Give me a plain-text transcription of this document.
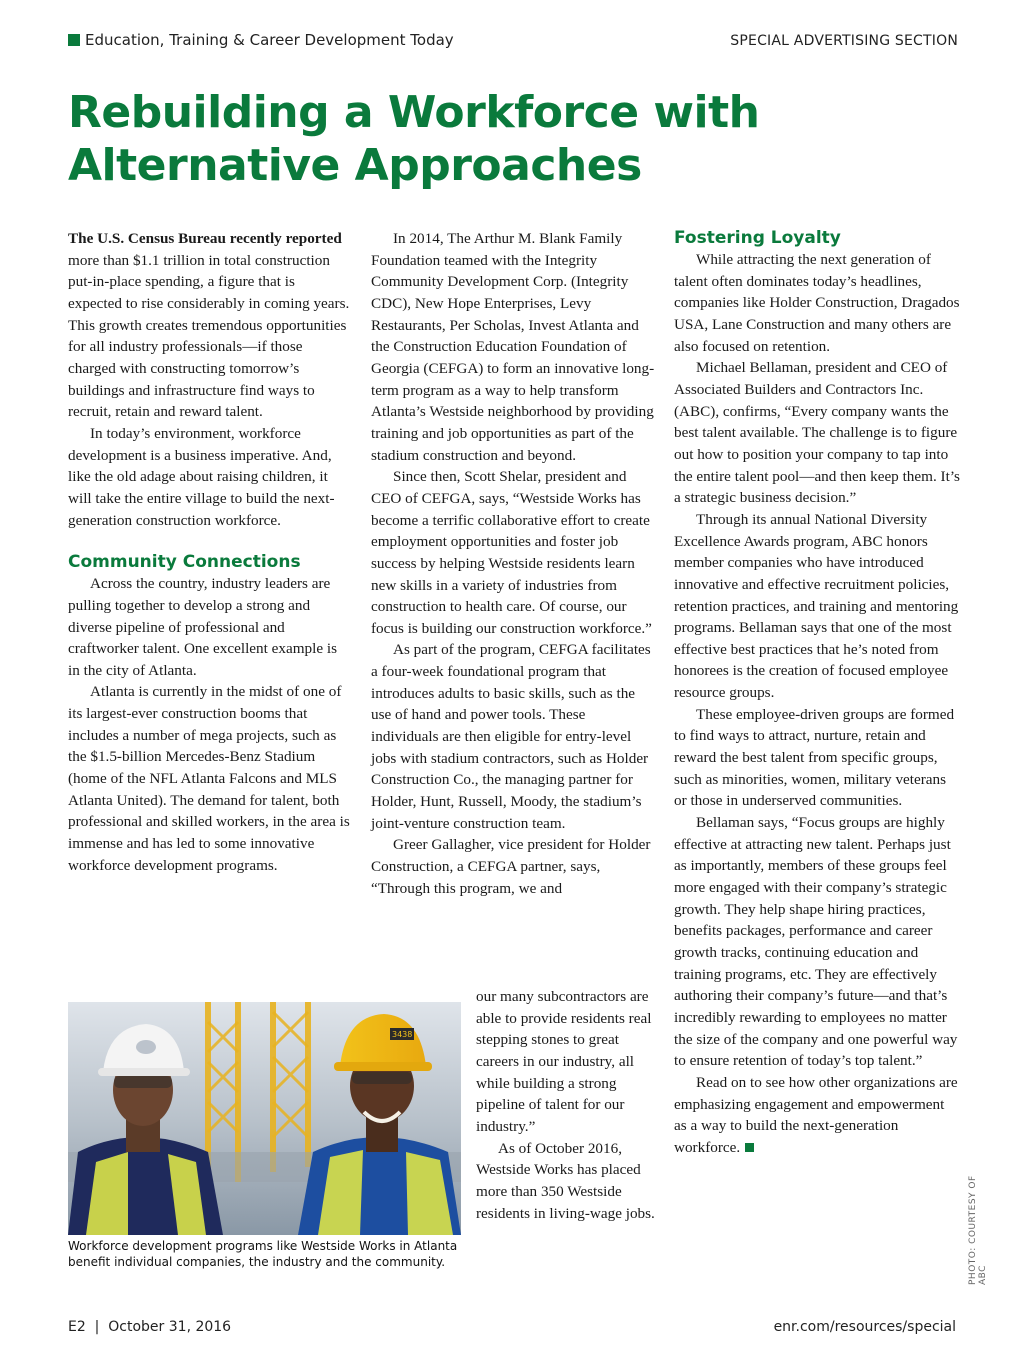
Education, Training & Career Development Today	SPECIAL ADVERTISING SECTION
Rebuilding a Workforce with Alternative Approaches

The U.S. Census Bureau recently reported more than $1.1 trillion in total construction put-in-place spending, a figure that is expected to rise considerably in coming years. This growth creates tremendous opportunities for all industry professionals—if those charged with constructing tomorrow’s buildings and infrastructure find ways to recruit, retain and reward talent.

In today’s environment, workforce development is a business imperative. And, like the old adage about raising children, it will take the entire village to build the next-generation construction workforce.

Community Connections

Across the country, industry leaders are pulling together to develop a strong and diverse pipeline of professional and craftworker talent. One excellent example is in the city of Atlanta.

Atlanta is currently in the midst of one of its largest-ever construction booms that includes a number of mega projects, such as the $1.5-billion Mercedes-Benz Stadium (home of the NFL Atlanta Falcons and MLS Atlanta United). The demand for talent, both professional and skilled workers, in the area is immense and has led to some innovative workforce development programs.

In 2014, The Arthur M. Blank Family Foundation teamed with the Integrity Community Development Corp. (Integrity CDC), New Hope Enterprises, Levy Restaurants, Per Scholas, Invest Atlanta and the Construction Education Foundation of Georgia (CEFGA) to form an innovative long-term program as a way to help transform Atlanta’s Westside neighborhood by providing training and job opportunities as part of the stadium construction and beyond.

Since then, Scott Shelar, president and CEO of CEFGA, says, “Westside Works has become a terrific collaborative effort to create employment opportunities and foster job success by helping Westside residents learn new skills in a variety of industries from construction to health care. Of course, our focus is building our construction workforce.”

As part of the program, CEFGA facilitates a four-week foundational program that introduces adults to basic skills, such as the use of hand and power tools. These individuals are then eligible for entry-level jobs with stadium contractors, such as Holder Construction Co., the managing partner for Holder, Hunt, Russell, Moody, the stadium’s joint-venture construction team.

Greer Gallagher, vice president for Holder Construction, a CEFGA partner, says, “Through this program, we and

our many subcontractors are able to provide residents real stepping stones to great careers in our industry, all while building a strong pipeline of talent for our industry.”

As of October 2016, Westside Works has placed more than 350 Westside residents in living-wage jobs.

Fostering Loyalty

While attracting the next generation of talent often dominates today’s headlines, companies like Holder Construction, Dragados USA, Lane Construction and many others are also focused on retention.

Michael Bellaman, president and CEO of Associated Builders and Contractors Inc. (ABC), confirms, “Every company wants the best talent available. The challenge is to figure out how to position your company to tap into the entire talent pool—and then keep them. It’s a strategic business decision.”

Through its annual National Diversity Excellence Awards program, ABC honors member companies who have introduced innovative and effective recruitment policies, retention practices, and training and mentoring programs. Bellaman says that one of the most effective best practices that he’s noted from honorees is the creation of focused employee resource groups.

These employee-driven groups are formed to find ways to attract, nurture, retain and reward the best talent from specific groups, such as minorities, women, military veterans or those in underserved communities.

Bellaman says, “Focus groups are highly effective at attracting new talent. Perhaps just as importantly, members of these groups feel more engaged with their company’s strategic growth. They help shape hiring practices, benefits packages, performance and career growth tracks, continuing education and training programs, etc. They are effectively authoring their company’s future—and that’s incredibly rewarding to employees no matter the size of the company and one powerful way to ensure retention of today’s top talent.”

Read on to see how other organizations are emphasizing engagement and empowerment as a way to build the next-generation workforce.

3438
Workforce development programs like Westside Works in Atlanta benefit individual companies, the industry and the community.	PHOTO: COURTESY OF ABC
E2  |  October 31, 2016	enr.com/resources/special
